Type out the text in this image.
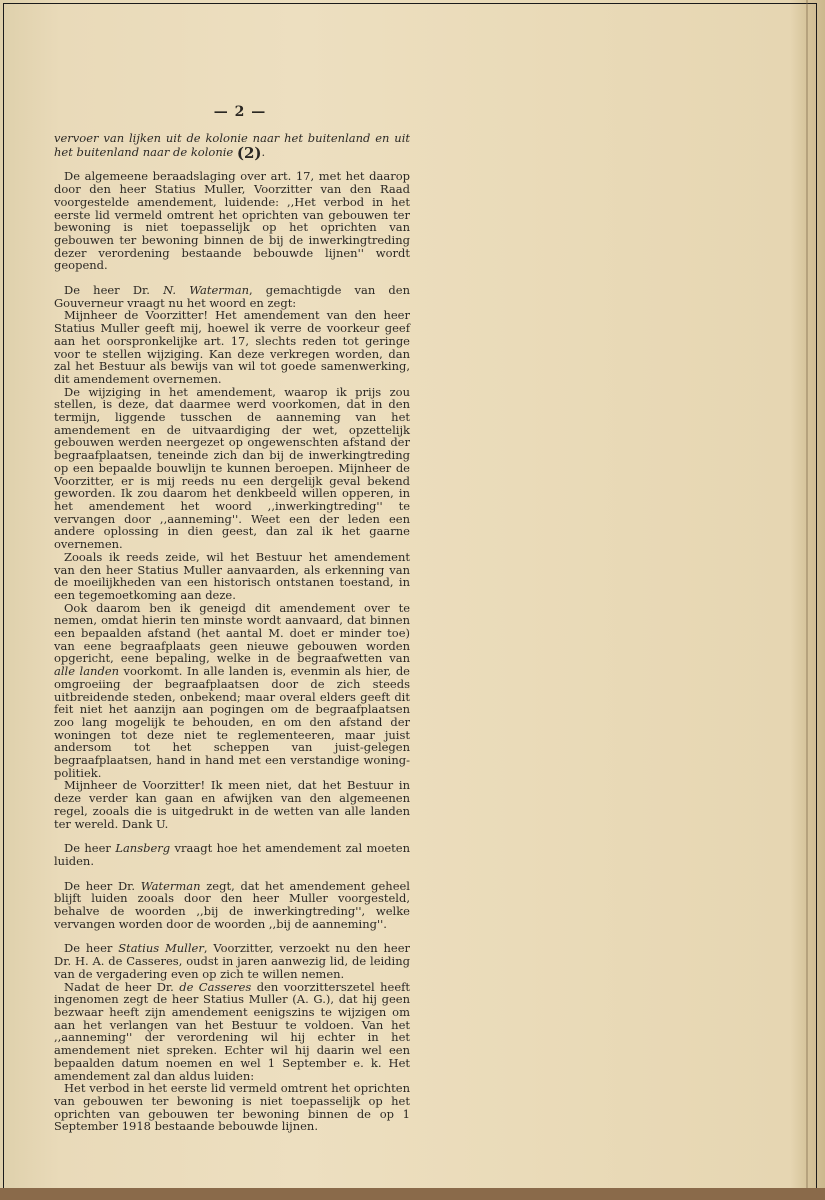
— 2 —

vervoer van lijken uit de kolonie naar het buitenland en uit het buitenland naar de kolonie (2).

De algemeene beraadslaging over art. 17, met het daarop door den heer Statius Muller, Voorzitter van den Raad voorgestelde amendement, luidende: ,,Het verbod in het eerste lid vermeld omtrent het oprichten van gebouwen ter bewoning is niet toepasselijk op het oprichten van gebouwen ter bewoning binnen de bij de inwerkingtreding dezer verordening bestaande bebouwde lijnen'' wordt geopend.

De heer Dr. N. Waterman, gemachtigde van den Gouverneur vraagt nu het woord en zegt:

Mijnheer de Voorzitter! Het amendement van den heer Statius Muller geeft mij, hoewel ik verre de voorkeur geef aan het oorspronkelijke art. 17, slechts reden tot geringe voor te stellen wijziging. Kan deze verkregen worden, dan zal het Bestuur als bewijs van wil tot goede samenwerking, dit amendement overnemen.

De wijziging in het amendement, waarop ik prijs zou stellen, is deze, dat daarmee werd voorkomen, dat in den termijn, liggende tusschen de aanneming van het amendement en de uitvaardiging der wet, opzettelijk gebouwen werden neergezet op ongewenschten afstand der begraafplaatsen, teneinde zich dan bij de inwerkingtreding op een bepaalde bouwlijn te kunnen beroepen. Mijnheer de Voorzitter, er is mij reeds nu een dergelijk geval bekend geworden. Ik zou daarom het denkbeeld willen opperen, in het amendement het woord ,,inwerkingtreding'' te vervangen door ,,aanneming''. Weet een der leden een andere oplossing in dien geest, dan zal ik het gaarne overnemen.

Zooals ik reeds zeide, wil het Bestuur het amendement van den heer Statius Muller aanvaarden, als erkenning van de moeilijkheden van een historisch ontstanen toestand, in een tegemoetkoming aan deze.

Ook daarom ben ik geneigd dit amendement over te nemen, omdat hierin ten minste wordt aanvaard, dat binnen een bepaalden afstand (het aantal M. doet er minder toe) van eene begraafplaats geen nieuwe gebouwen worden opgericht, eene bepaling, welke in de begraafwetten van alle landen voorkomt. In alle landen is, evenmin als hier, de omgroeiing der begraafplaatsen door de zich steeds uitbreidende steden, onbekend; maar overal elders geeft dit feit niet het aanzijn aan pogingen om de begraafplaatsen zoo lang mogelijk te behouden, en om den afstand der woningen tot deze niet te reglementeeren, maar juist andersom tot het scheppen van juist-gelegen begraafplaatsen, hand in hand met een verstandige woning-politiek.

Mijnheer de Voorzitter! Ik meen niet, dat het Bestuur in deze verder kan gaan en afwijken van den algemeenen regel, zooals die is uitgedrukt in de wetten van alle landen ter wereld. Dank U.

De heer Lansberg vraagt hoe het amendement zal moeten luiden.

De heer Dr. Waterman zegt, dat het amendement geheel blijft luiden zooals door den heer Muller voorgesteld, behalve de woorden ,,bij de inwerkingtreding'', welke vervangen worden door de woorden ,,bij de aanneming''.

De heer Statius Muller, Voorzitter, verzoekt nu den heer Dr. H. A. de Casseres, oudst in jaren aanwezig lid, de leiding van de vergadering even op zich te willen nemen.

Nadat de heer Dr. de Casseres den voorzitterszetel heeft ingenomen zegt de heer Statius Muller (A. G.), dat hij geen bezwaar heeft zijn amendement eenigszins te wijzigen om aan het verlangen van het Bestuur te voldoen. Van het ,,aanneming'' der verordening wil hij echter in het amendement niet spreken. Echter wil hij daarin wel een bepaalden datum noemen en wel 1 September e. k. Het amendement zal dan aldus luiden:

Het verbod in het eerste lid vermeld omtrent het oprichten van gebouwen ter bewoning is niet toepasselijk op het oprichten van gebouwen ter bewoning binnen de op 1 September 1918 bestaande bebouwde lijnen.
